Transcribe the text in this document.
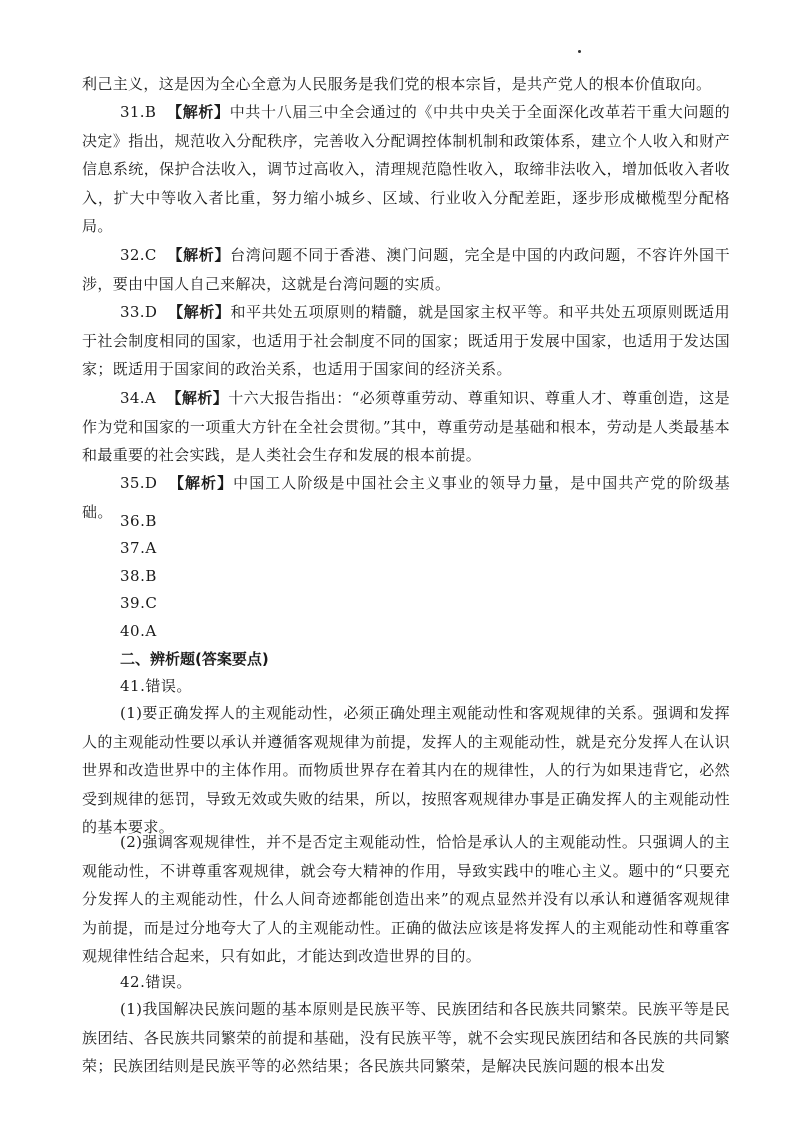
利己主义，这是因为全心全意为人民服务是我们党的根本宗旨，是共产党人的根本价值取向。
31.B 【解析】中共十八届三中全会通过的《中共中央关于全面深化改革若干重大问题的决定》指出，规范收入分配秩序，完善收入分配调控体制机制和政策体系，建立个人收入和财产信息系统，保护合法收入，调节过高收入，清理规范隐性收入，取缔非法收入，增加低收入者收入，扩大中等收入者比重，努力缩小城乡、区域、行业收入分配差距，逐步形成橄榄型分配格局。
32.C 【解析】台湾问题不同于香港、澳门问题，完全是中国的内政问题，不容许外国干涉，要由中国人自己来解决，这就是台湾问题的实质。
33.D 【解析】和平共处五项原则的精髓，就是国家主权平等。和平共处五项原则既适用于社会制度相同的国家，也适用于社会制度不同的国家；既适用于发展中国家，也适用于发达国家；既适用于国家间的政治关系，也适用于国家间的经济关系。
34.A 【解析】十六大报告指出：“必须尊重劳动、尊重知识、尊重人才、尊重创造，这是作为党和国家的一项重大方针在全社会贯彻。”其中，尊重劳动是基础和根本，劳动是人类最基本和最重要的社会实践，是人类社会生存和发展的根本前提。
35.D 【解析】中国工人阶级是中国社会主义事业的领导力量，是中国共产党的阶级基础。
36.B
37.A
38.B
39.C
40.A
二、辨析题(答案要点)
41.错误。
(1)要正确发挥人的主观能动性，必须正确处理主观能动性和客观规律的关系。强调和发挥人的主观能动性要以承认并遵循客观规律为前提，发挥人的主观能动性，就是充分发挥人在认识世界和改造世界中的主体作用。而物质世界存在着其内在的规律性，人的行为如果违背它，必然受到规律的惩罚，导致无效或失败的结果，所以，按照客观规律办事是正确发挥人的主观能动性的基本要求。
(2)强调客观规律性，并不是否定主观能动性，恰恰是承认人的主观能动性。只强调人的主观能动性，不讲尊重客观规律，就会夸大精神的作用，导致实践中的唯心主义。题中的“只要充分发挥人的主观能动性，什么人间奇迹都能创造出来”的观点显然并没有以承认和遵循客观规律为前提，而是过分地夸大了人的主观能动性。正确的做法应该是将发挥人的主观能动性和尊重客观规律性结合起来，只有如此，才能达到改造世界的目的。
42.错误。
(1)我国解决民族问题的基本原则是民族平等、民族团结和各民族共同繁荣。民族平等是民族团结、各民族共同繁荣的前提和基础，没有民族平等，就不会实现民族团结和各民族的共同繁荣；民族团结则是民族平等的必然结果；各民族共同繁荣，是解决民族问题的根本出发
